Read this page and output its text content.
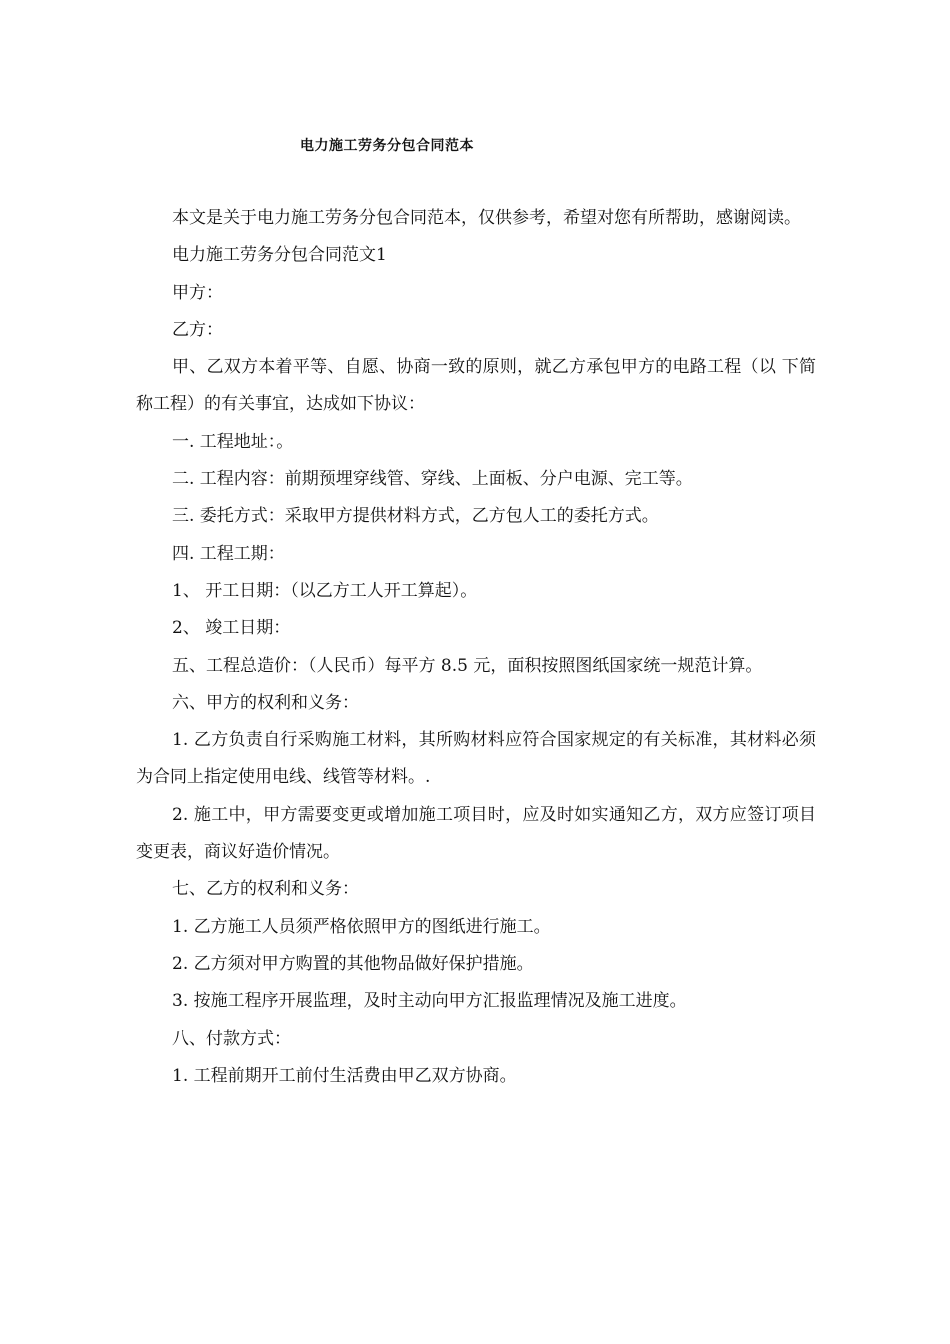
电力施工劳务分包合同范本

本文是关于电力施工劳务分包合同范本，仅供参考，希望对您有所帮助，感谢阅读。

电力施工劳务分包合同范文1

甲方：

乙方：

甲、乙双方本着平等、自愿、协商一致的原则，就乙方承包甲方的电路工程（以 下简称工程）的有关事宜，达成如下协议：

一. 工程地址：。

二. 工程内容：前期预埋穿线管、穿线、上面板、分户电源、完工等。

三. 委托方式：采取甲方提供材料方式，乙方包人工的委托方式。

四. 工程工期：

1、 开工日期：（以乙方工人开工算起）。

2、 竣工日期：

五、工程总造价：（人民币）每平方 8.5 元，面积按照图纸国家统一规范计算。

六、甲方的权利和义务：

1. 乙方负责自行采购施工材料，其所购材料应符合国家规定的有关标准，其材料必须为合同上指定使用电线、线管等材料。.

2. 施工中，甲方需要变更或增加施工项目时，应及时如实通知乙方，双方应签订项目变更表，商议好造价情况。

七、乙方的权利和义务：

1. 乙方施工人员须严格依照甲方的图纸进行施工。

2. 乙方须对甲方购置的其他物品做好保护措施。

3. 按施工程序开展监理，及时主动向甲方汇报监理情况及施工进度。

八、付款方式：

1. 工程前期开工前付生活费由甲乙双方协商。
